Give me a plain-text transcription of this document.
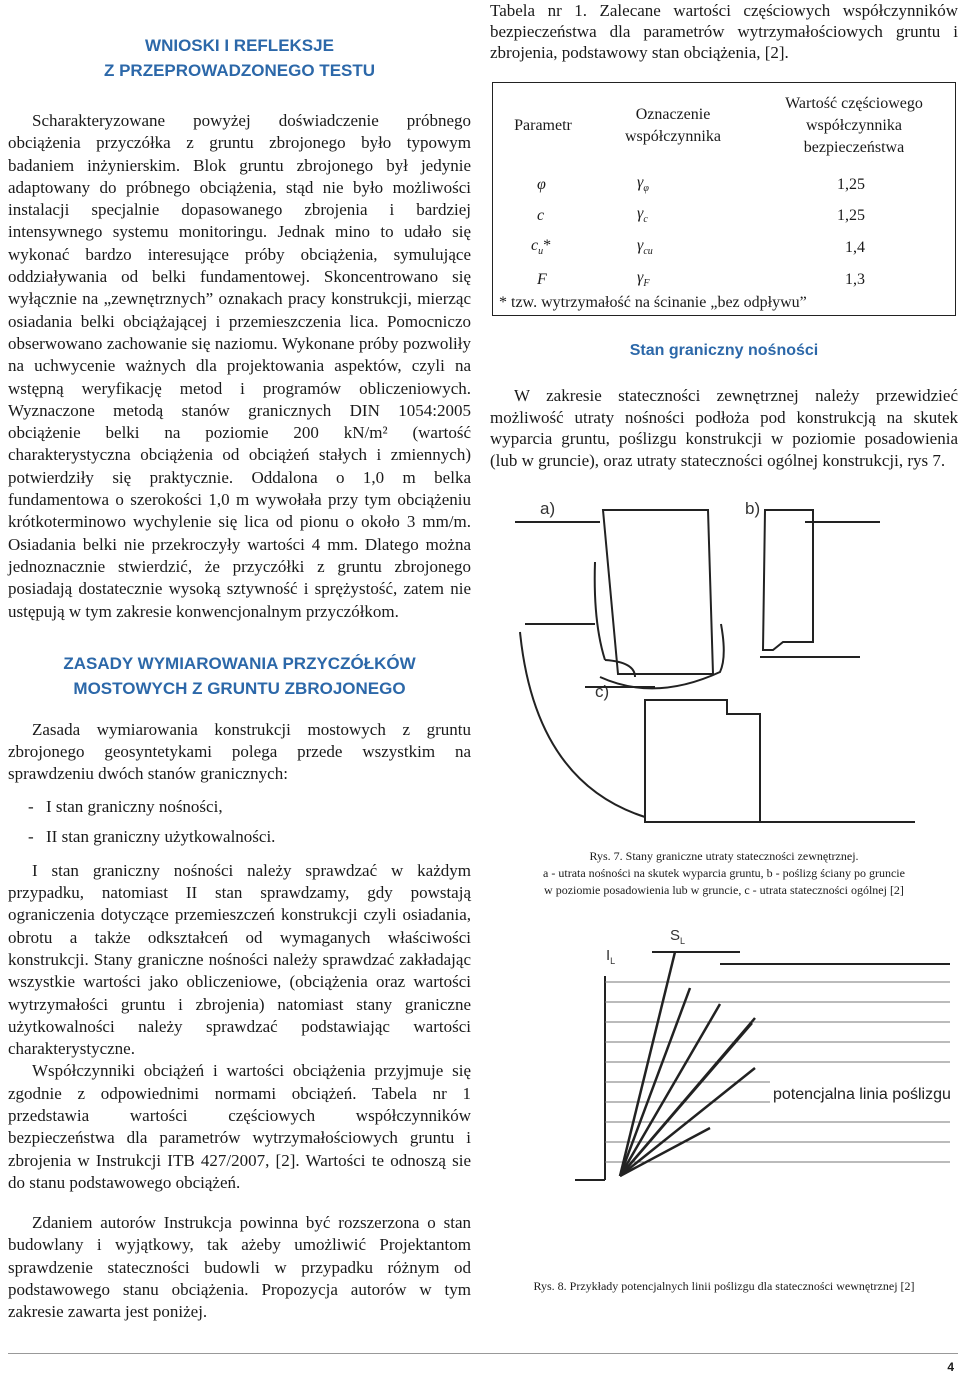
WNIOSKI I REFLEKSJE
Z PRZEPROWADZONEGO TESTU

Scharakteryzowane powyżej doświadczenie próbnego obciążenia przyczółka z gruntu zbrojonego było typowym badaniem inżynierskim. Blok gruntu zbrojonego był jedynie adaptowany do próbnego obciążenia, stąd nie było możliwości instalacji specjalnie dopasowanego zbrojenia i bardziej intensywnego systemu monitoringu. Jednak mino to udało się wykonać bardzo interesujące próby obciążenia, symulujące oddziaływania od belki fundamentowej. Skoncentrowano się wyłącznie na „zewnętrznych” oznakach pracy konstrukcji, mierząc osiadania belki obciążającej i przemieszczenia lica. Pomocniczo obserwowano zachowanie się naziomu. Wykonane próby pozwoliły na uchwycenie ważnych dla projektowania aspektów, czyli na wstępną weryfikację metod i programów obliczeniowych. Wyznaczone metodą stanów granicznych DIN 1054:2005 obciążenie belki na poziomie 200 kN/m² (wartość charakterystyczna obciążenia od obciążeń stałych i zmiennych) potwierdziły się praktycznie. Oddalona o 1,0 m belka fundamentowa o szerokości 1,0 m wywołała przy tym obciążeniu krótkoterminowo wychylenie się lica od pionu o około 3 mm/m. Osiadania belki nie przekroczyły wartości 4 mm. Dlatego można jednoznacznie stwierdzić, że przyczółki z gruntu zbrojonego posiadają dostatecznie wysoką sztywność i sprężystość, zatem nie ustępują w tym zakresie konwencjonalnym przyczółkom.

ZASADY WYMIAROWANIA PRZYCZÓŁKÓW
MOSTOWYCH Z GRUNTU ZBROJONEGO

Zasada wymiarowania konstrukcji mostowych z gruntu zbrojonego geosyntetykami polega przede wszystkim na sprawdzeniu dwóch stanów granicznych:

- I stan graniczny nośności,
- II stan graniczny użytkowalności.

I stan graniczny nośności należy sprawdzać w każdym przypadku, natomiast II stan sprawdzamy, gdy powstają ograniczenia dotyczące przemieszczeń konstrukcji czyli osiadania, obrotu a także odkształceń od wymaganych właściwości konstrukcji. Stany graniczne nośności należy sprawdzać zakładając wszystkie wartości jako obliczeniowe, (obciążenia oraz wartości wytrzymałości gruntu i zbrojenia) natomiast stany graniczne użytkowalności należy sprawdzać podstawiając wartości charakterystyczne.

Współczynniki obciążeń i wartości obciążenia przyjmuje się zgodnie z odpowiednimi normami obciążeń. Tabela nr 1 przedstawia wartości częściowych współczynników bezpieczeństwa dla parametrów wytrzymałościowych gruntu i zbrojenia w Instrukcji ITB 427/2007, [2]. Wartości te odnoszą sie do stanu podstawowego obciążeń.

Zdaniem autorów Instrukcja powinna być rozszerzona o stan budowlany i wyjątkowy, tak ażeby umożliwić Projektantom sprawdzenie stateczności budowli w przypadku różnym od podstawowego stanu obciążenia. Propozycja autorów w tym zakresie zawarta jest poniżej.

Tabela nr 1. Zalecane wartości częściowych współczynników bezpieczeństwa dla parametrów wytrzymałościowych gruntu i zbrojenia, podstawowy stan obciążenia, [2].

Parametr	Oznaczenie współczynnika	Wartość częściowego współczynnika bezpieczeństwa
φ	$\gamma_\varphi$	1,25
c	$\gamma_c$	1,25
$c_u*$	$\gamma_{cu}$	1,4
F	$\gamma_F$	1,3
* tzw. wytrzymałość na ścinanie „bez odpływu”

Stan graniczny nośności

W zakresie stateczności zewnętrznej należy przewidzieć możliwość utraty nośności podłoża pod konstrukcją na skutek wyparcia gruntu, poślizgu konstrukcji w poziomie posadowienia (lub w gruncie), oraz utraty stateczności ogólnej konstrukcji, rys 7.

a)	b)
c)

Rys. 7. Stany graniczne utraty stateczności zewnętrznej.

a - utrata nośności na skutek wyparcia gruntu, b - poślizg ściany po gruncie

w poziomie posadowienia lub w gruncie, c - utrata stateczności ogólnej [2]

$S_L$
$I_L$
potencjalna linia poślizgu

Rys. 8. Przykłady potencjalnych linii poślizgu dla stateczności wewnętrznej [2]

4
